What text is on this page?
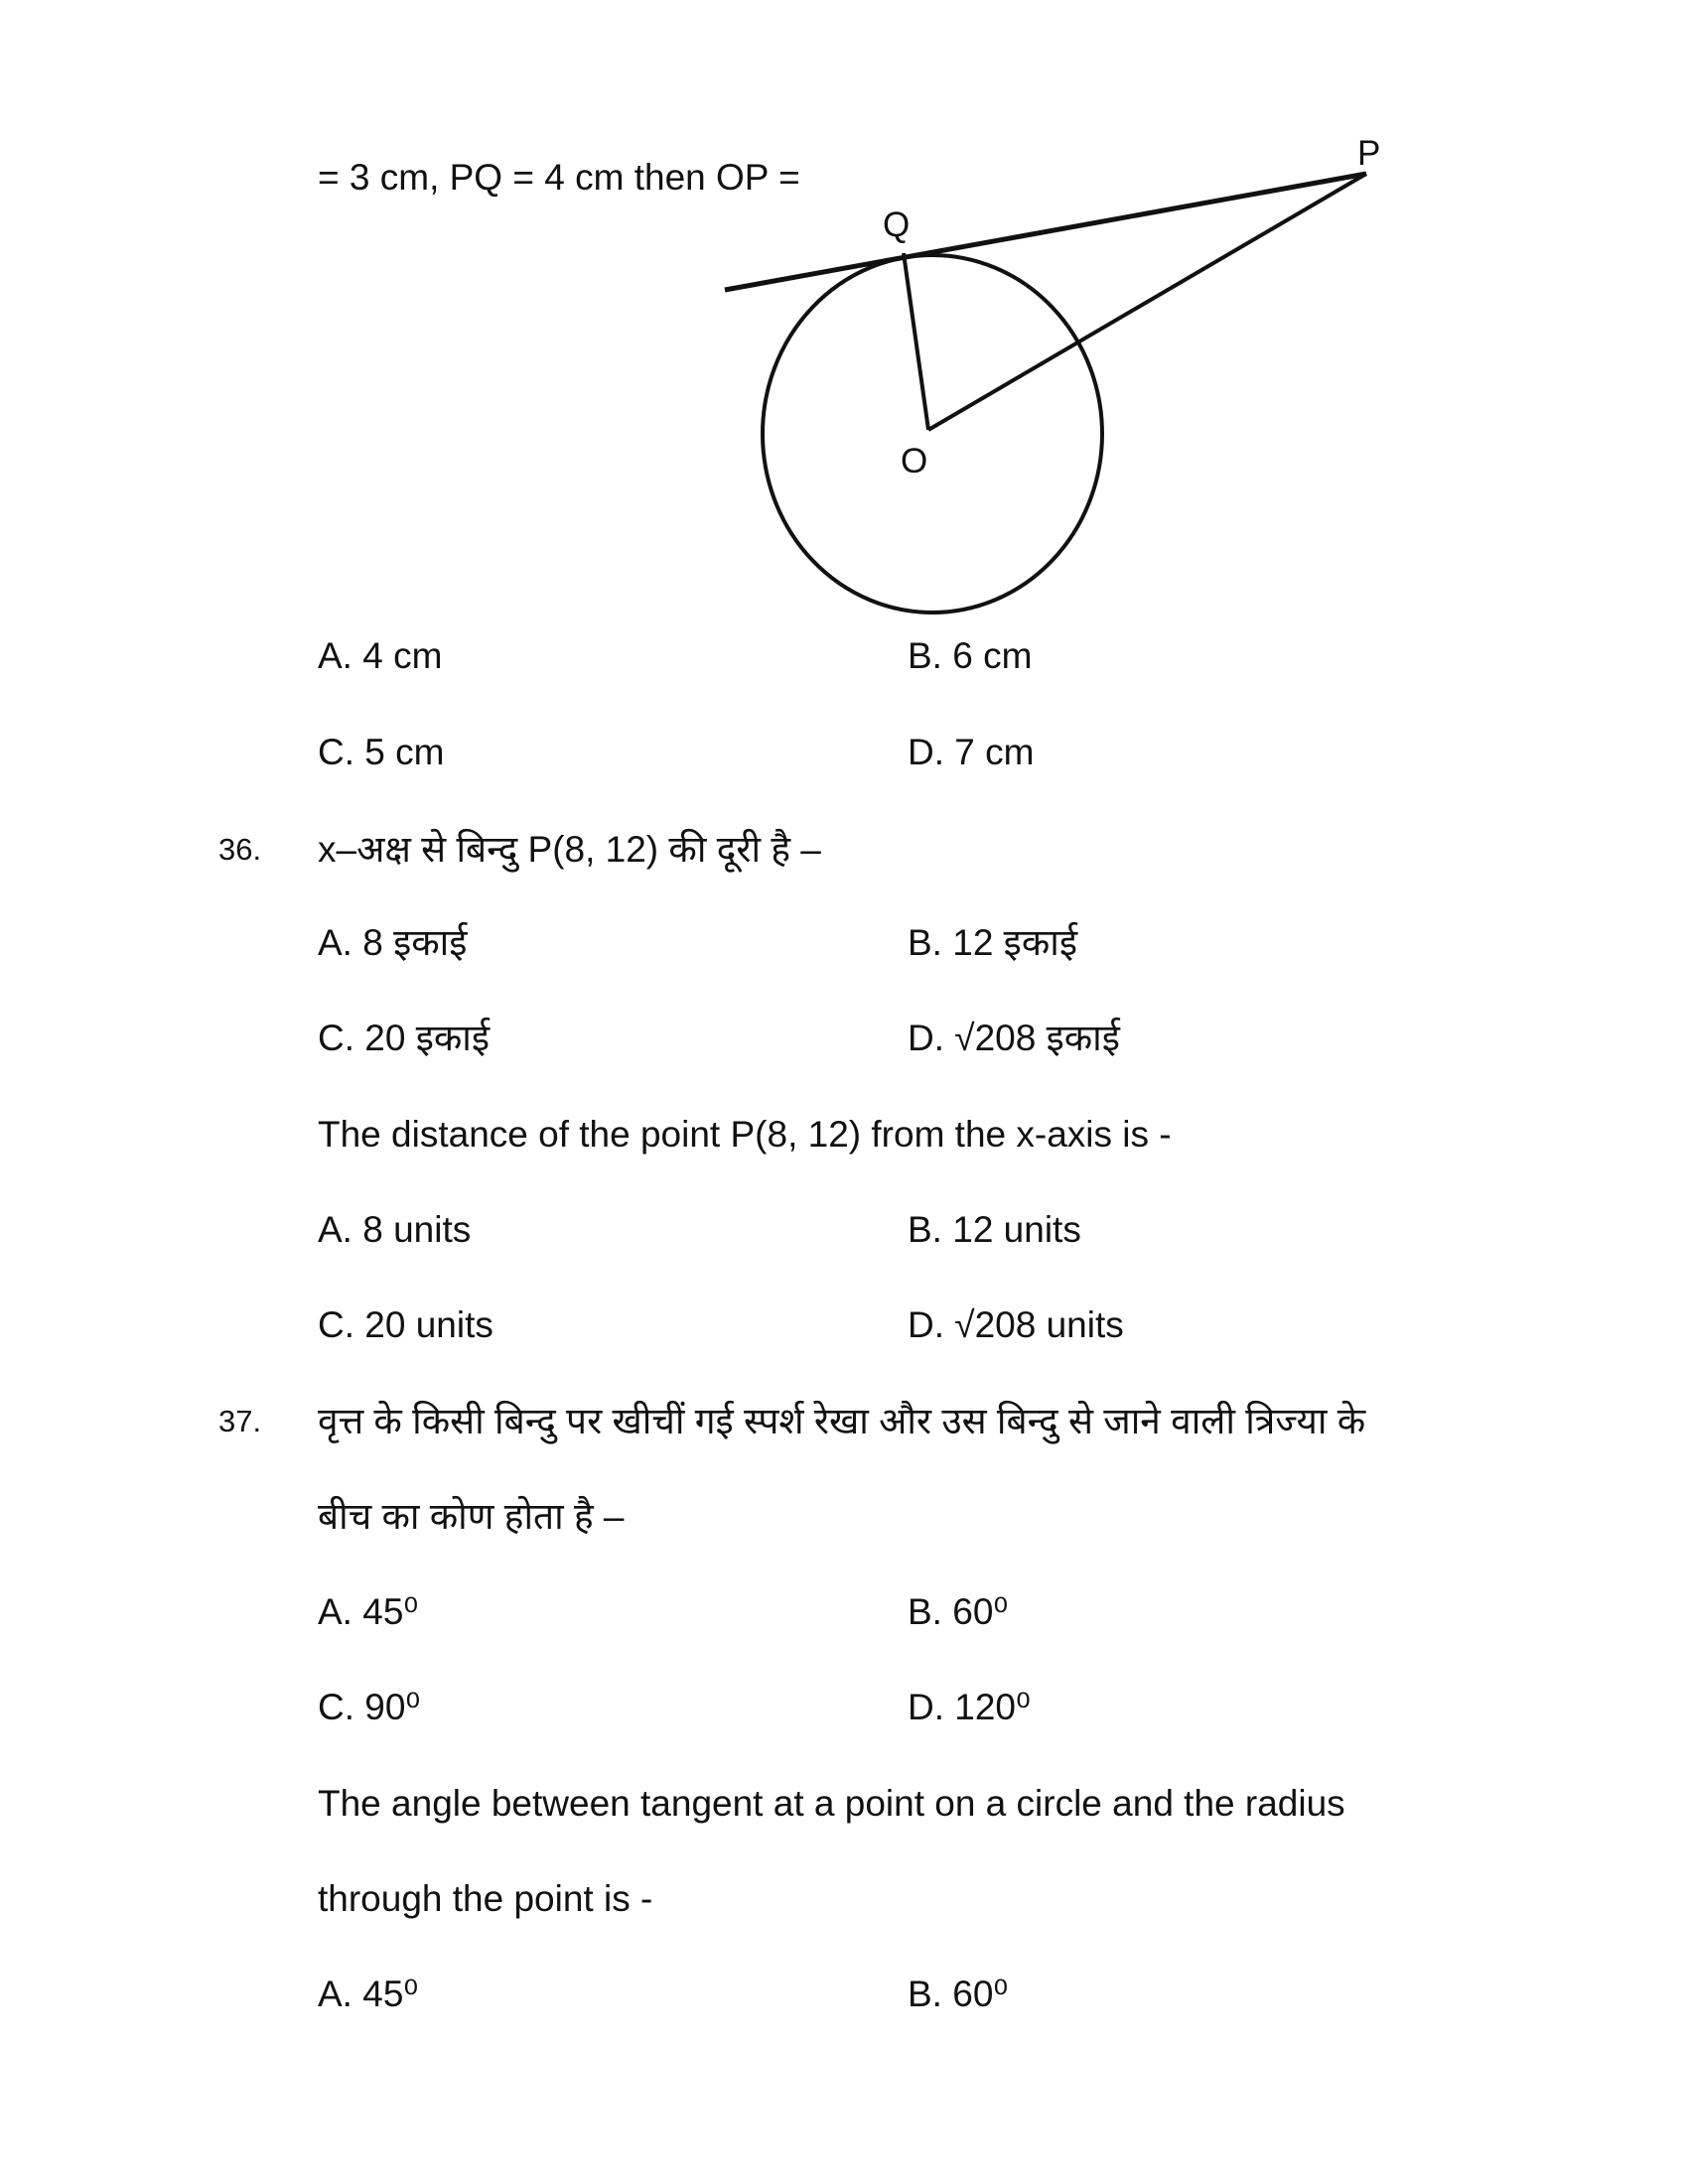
= 3 cm, PQ = 4 cm then OP =
P
Q
O
A. 4 cm	B. 6 cm
C. 5 cm	D. 7 cm
36. x–अक्ष से बिन्दु P(8, 12) की दूरी है –
A. 8 इकाई	B. 12 इकाई
C. 20 इकाई	D. √208 इकाई
The distance of the point P(8, 12) from the x-axis is -
A. 8 units	B. 12 units
C. 20 units	D. √208 units
37. वृत्त के किसी बिन्दु पर खीचीं गई स्पर्श रेखा और उस बिन्दु से जाने वाली त्रिज्या के
बीच का कोण होता है –
A. 45⁰	B. 60⁰
C. 90⁰	D. 120⁰
The angle between tangent at a point on a circle and the radius
through the point is -
A. 45⁰	B. 60⁰
